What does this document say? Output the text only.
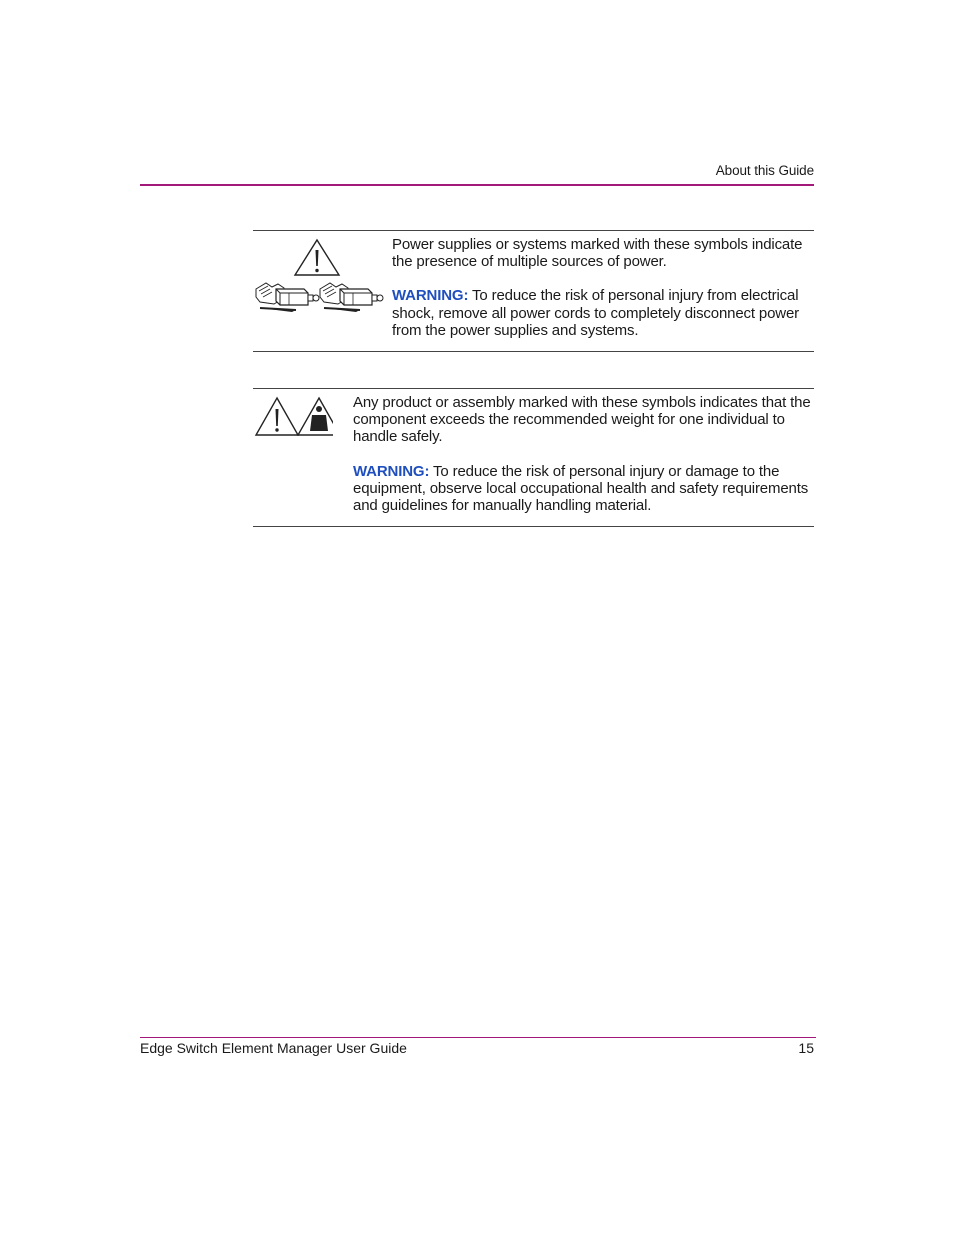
About this Guide

Power supplies or systems marked with these symbols indicate the presence of multiple sources of power.

WARNING: To reduce the risk of personal injury from electrical shock, remove all power cords to completely disconnect power from the power supplies and systems.

Any product or assembly marked with these symbols indicates that the component exceeds the recommended weight for one individual to handle safely.

WARNING: To reduce the risk of personal injury or damage to the equipment, observe local occupational health and safety requirements and guidelines for manually handling material.

Edge Switch Element Manager User Guide	15
